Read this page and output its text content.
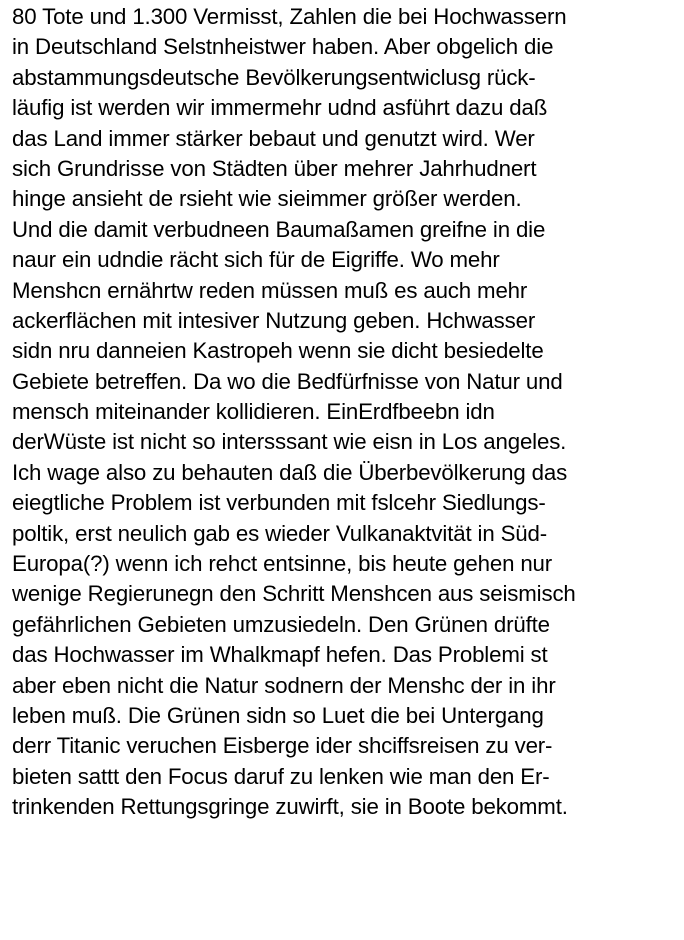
80 Tote und 1.300 Vermisst, Zahlen die bei Hochwassern
in Deutschland Selstnheistwer haben. Aber obgelich die
abstammungsdeutsche Bevölkerungsentwiclusg rück-
läufig ist werden wir immermehr udnd asführt dazu daß
das Land immer stärker bebaut und genutzt wird. Wer
sich Grundrisse von Städten über mehrer Jahrhudnert
hinge ansieht de rsieht wie sieimmer größer werden.
Und die damit verbudneen Baumaßamen greifne in die
naur ein udndie rächt sich für de Eigriffe. Wo mehr
Menshcn ernährtw reden müssen muß es auch mehr
ackerflächen mit intesiver Nutzung geben. Hchwasser
sidn nru danneien Kastropeh wenn sie dicht besiedelte
Gebiete betreffen. Da wo die Bedfürfnisse von Natur und
mensch miteinander kollidieren. EinErdfbeebn idn
derWüste ist nicht so intersssant wie eisn in Los angeles.
Ich wage also zu behauten daß die Überbevölkerung das
eiegtliche Problem ist verbunden mit fslcehr Siedlungs-
poltik, erst neulich gab es wieder Vulkanaktvität in Süd-
Europa(?) wenn ich rehct entsinne, bis heute gehen nur
wenige Regierunegn den Schritt Menshcen aus seismisch
gefährlichen Gebieten umzusiedeln. Den Grünen drüfte
das Hochwasser im Whalkmapf hefen. Das Problemi st
aber eben nicht die Natur sodnern der Menshc der in ihr
leben muß. Die Grünen sidn so Luet die bei Untergang
derr Titanic veruchen Eisberge ider shciffsreisen zu ver-
bieten sattt den Focus daruf zu lenken wie man den Er-
trinkenden Rettungsgringe zuwirft, sie in Boote bekommt.
